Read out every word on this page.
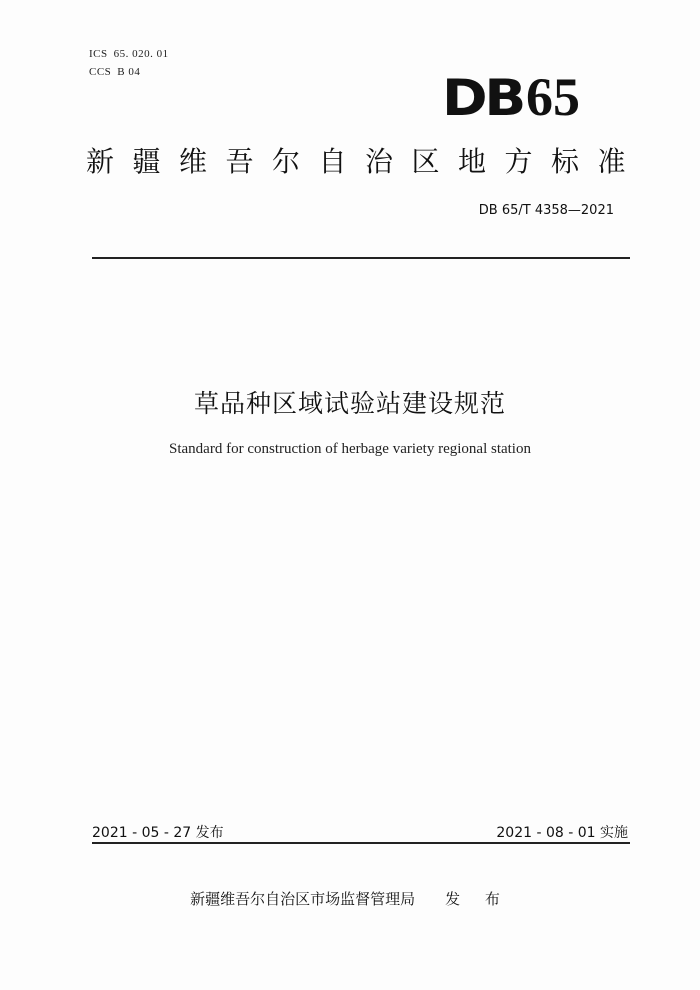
ICS 65. 020. 01
CCS B 04	DB 65
新疆维吾尔自治区地方标准
DB 65/T 4358—2021
草品种区域试验站建设规范
Standard for construction of herbage variety regional station
2021 - 05 - 27 发布	2021 - 08 - 01 实施
新疆维吾尔自治区市场监督管理局 发 布
